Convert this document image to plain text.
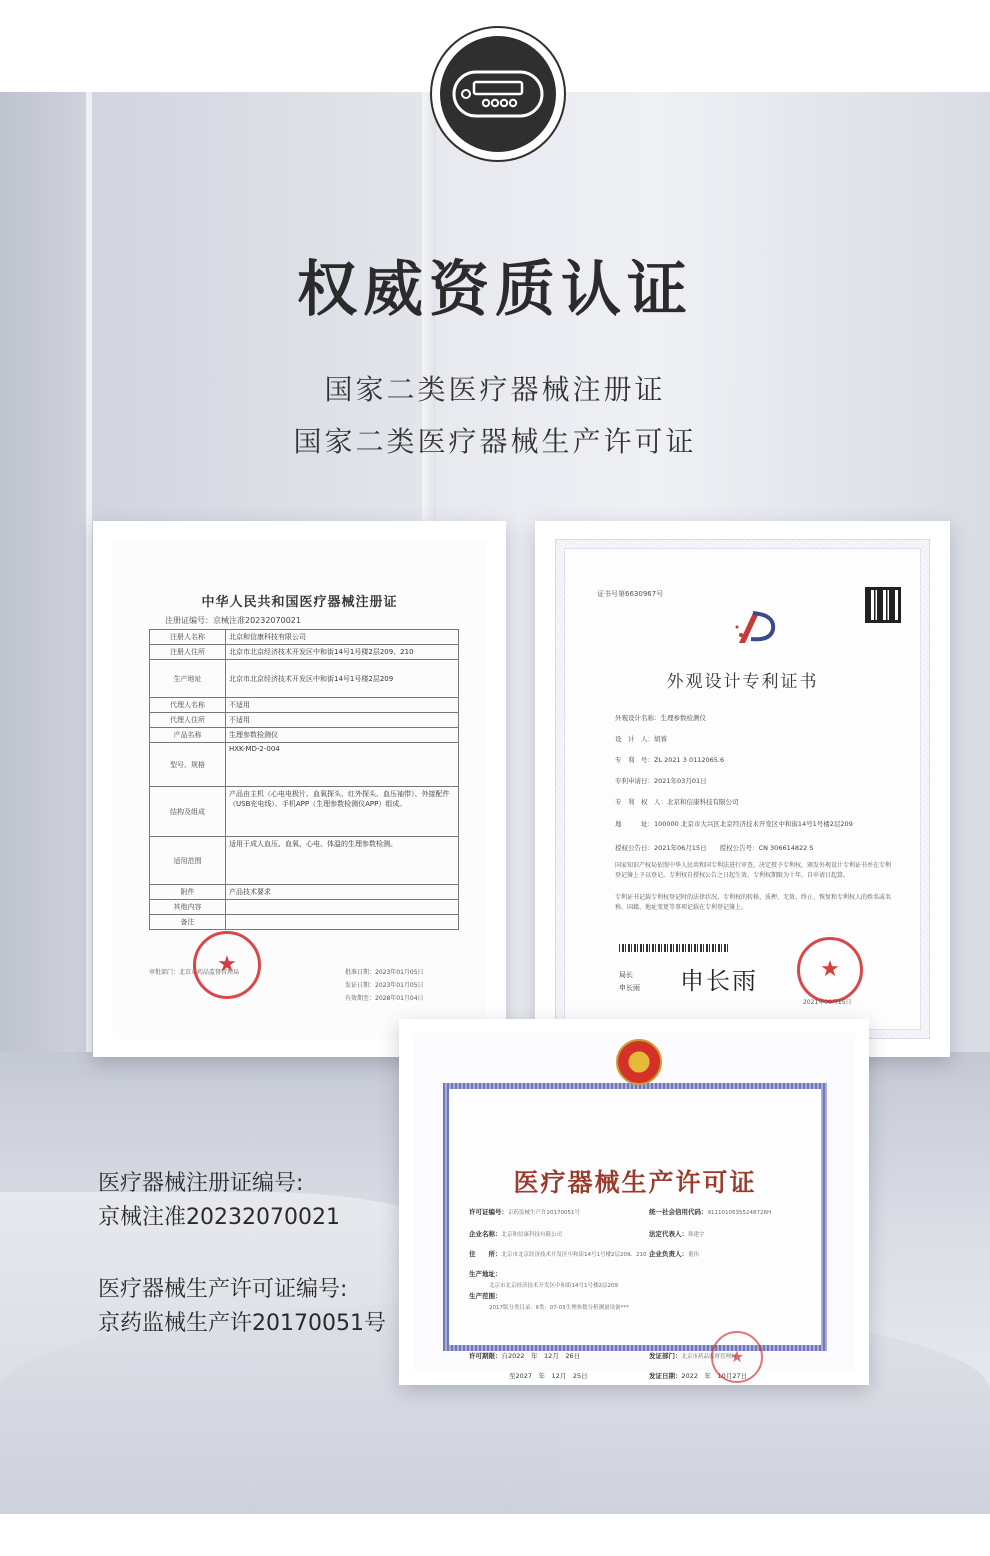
权威资质认证
国家二类医疗器械注册证
国家二类医疗器械生产许可证
中华人民共和国医疗器械注册证
注册证编号：京械注准20232070021
注册人名称	北京和信康科技有限公司
注册人住所	北京市北京经济技术开发区中和街14号1号楼2层209、210
生产地址	北京市北京经济技术开发区中和街14号1号楼2层209
代理人名称	不适用
代理人住所	不适用
产品名称	生理参数检测仪
型号、规格	HXK-MD-2-004
结构及组成	产品由主机（心电电极片、血氧探头、红外探头、血压袖带）、外接配件（USB充电线）、手机APP（生理参数检测仪APP）组成。
适用范围	适用于成人血压、血氧、心电、体温的生理参数检测。
附件	产品技术要求
其他内容	
备注	
审批部门：北京市药品监督管理局	批准日期：2023年01月05日
发证日期：2023年01月05日
有效期至：2028年01月04日
★
证书号第6630967号
外观设计专利证书
外观设计名称：生理参数检测仪
设　计　人：胡蓉
专　利　号：ZL 2021 3 0112065.6
专利申请日：2021年03月01日
专　利　权　人：北京和信康科技有限公司
地　　　址：100000 北京市大兴区北京经济技术开发区中和街14号1号楼2层209
授权公告日：2021年06月15日　　授权公告号：CN 306614822 S
国家知识产权局依照中华人民共和国专利法进行审查，决定授予专利权，颁发外观设计专利证书并在专利登记簿上予以登记。专利权自授权公告之日起生效。专利权期限为十年，自申请日起算。
专利证书记载专利权登记时的法律状况。专利权的转移、质押、无效、终止、恢复和专利权人的姓名或名称、国籍、地址变更等事项记载在专利登记簿上。
局长
申长雨 申长雨	★
2021年06月15日
医疗器械生产许可证
许可证编号：京药监械生产许20170051号	统一社会信用代码：91110105355248726H
企业名称：北京和信康科技有限公司	法定代表人：韩建宇
住　　所：北京市北京经济技术开发区中和街14号1号楼2层209、210 企业负责人：董伟
生产地址：
北京市北京经济技术开发区中和街14号1号楼2层209
生产范围：
2017版分类目录：Ⅱ类：07-03生理参数分析测量设备***
许可期限：自2022　年　12月　26日
至2027　年　12月　25日
发证部门：北京市药品监督管理局
发证日期：2022　年　10月27日
★
医疗器械注册证编号:
京械注准20232070021
医疗器械生产许可证编号:
京药监械生产许20170051号
